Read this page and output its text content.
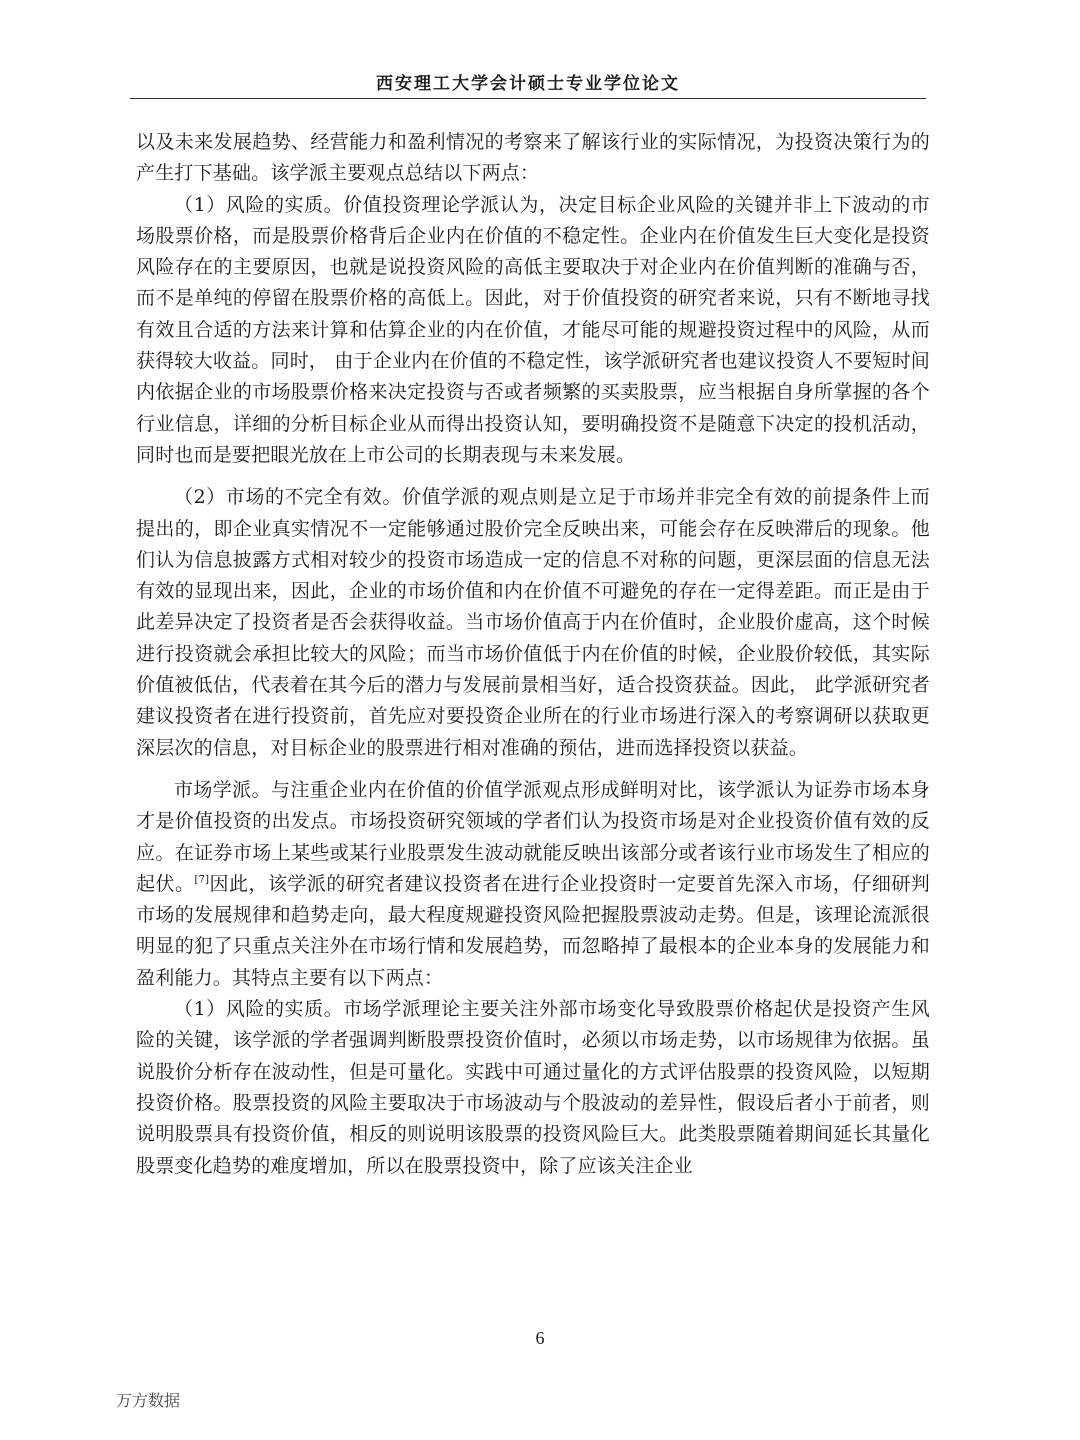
西安理工大学会计硕士专业学位论文

以及未来发展趋势、经营能力和盈利情况的考察来了解该行业的实际情况，为投资决策行为的产生打下基础。该学派主要观点总结以下两点：

（1）风险的实质。价值投资理论学派认为，决定目标企业风险的关键并非上下波动的市场股票价格，而是股票价格背后企业内在价值的不稳定性。企业内在价值发生巨大变化是投资风险存在的主要原因，也就是说投资风险的高低主要取决于对企业内在价值判断的准确与否，而不是单纯的停留在股票价格的高低上。因此，对于价值投资的研究者来说，只有不断地寻找有效且合适的方法来计算和估算企业的内在价值，才能尽可能的规避投资过程中的风险，从而获得较大收益。同时， 由于企业内在价值的不稳定性，该学派研究者也建议投资人不要短时间内依据企业的市场股票价格来决定投资与否或者频繁的买卖股票，应当根据自身所掌握的各个行业信息，详细的分析目标企业从而得出投资认知，要明确投资不是随意下决定的投机活动，同时也而是要把眼光放在上市公司的长期表现与未来发展。

（2）市场的不完全有效。价值学派的观点则是立足于市场并非完全有效的前提条件上而提出的，即企业真实情况不一定能够通过股价完全反映出来，可能会存在反映滞后的现象。他们认为信息披露方式相对较少的投资市场造成一定的信息不对称的问题，更深层面的信息无法有效的显现出来，因此，企业的市场价值和内在价值不可避免的存在一定得差距。而正是由于此差异决定了投资者是否会获得收益。当市场价值高于内在价值时，企业股价虚高，这个时候进行投资就会承担比较大的风险；而当市场价值低于内在价值的时候，企业股价较低，其实际价值被低估，代表着在其今后的潜力与发展前景相当好，适合投资获益。因此， 此学派研究者建议投资者在进行投资前，首先应对要投资企业所在的行业市场进行深入的考察调研以获取更深层次的信息，对目标企业的股票进行相对准确的预估，进而选择投资以获益。

市场学派。与注重企业内在价值的价值学派观点形成鲜明对比，该学派认为证券市场本身才是价值投资的出发点。市场投资研究领域的学者们认为投资市场是对企业投资价值有效的反应。在证券市场上某些或某行业股票发生波动就能反映出该部分或者该行业市场发生了相应的起伏。[7]因此，该学派的研究者建议投资者在进行企业投资时一定要首先深入市场，仔细研判市场的发展规律和趋势走向，最大程度规避投资风险把握股票波动走势。但是，该理论流派很明显的犯了只重点关注外在市场行情和发展趋势，而忽略掉了最根本的企业本身的发展能力和盈利能力。其特点主要有以下两点：

（1）风险的实质。市场学派理论主要关注外部市场变化导致股票价格起伏是投资产生风险的关键，该学派的学者强调判断股票投资价值时，必须以市场走势，以市场规律为依据。虽说股价分析存在波动性，但是可量化。实践中可通过量化的方式评估股票的投资风险，以短期投资价格。股票投资的风险主要取决于市场波动与个股波动的差异性，假设后者小于前者，则说明股票具有投资价值，相反的则说明该股票的投资风险巨大。此类股票随着期间延长其量化股票变化趋势的难度增加，所以在股票投资中，除了应该关注企业

6
万方数据
